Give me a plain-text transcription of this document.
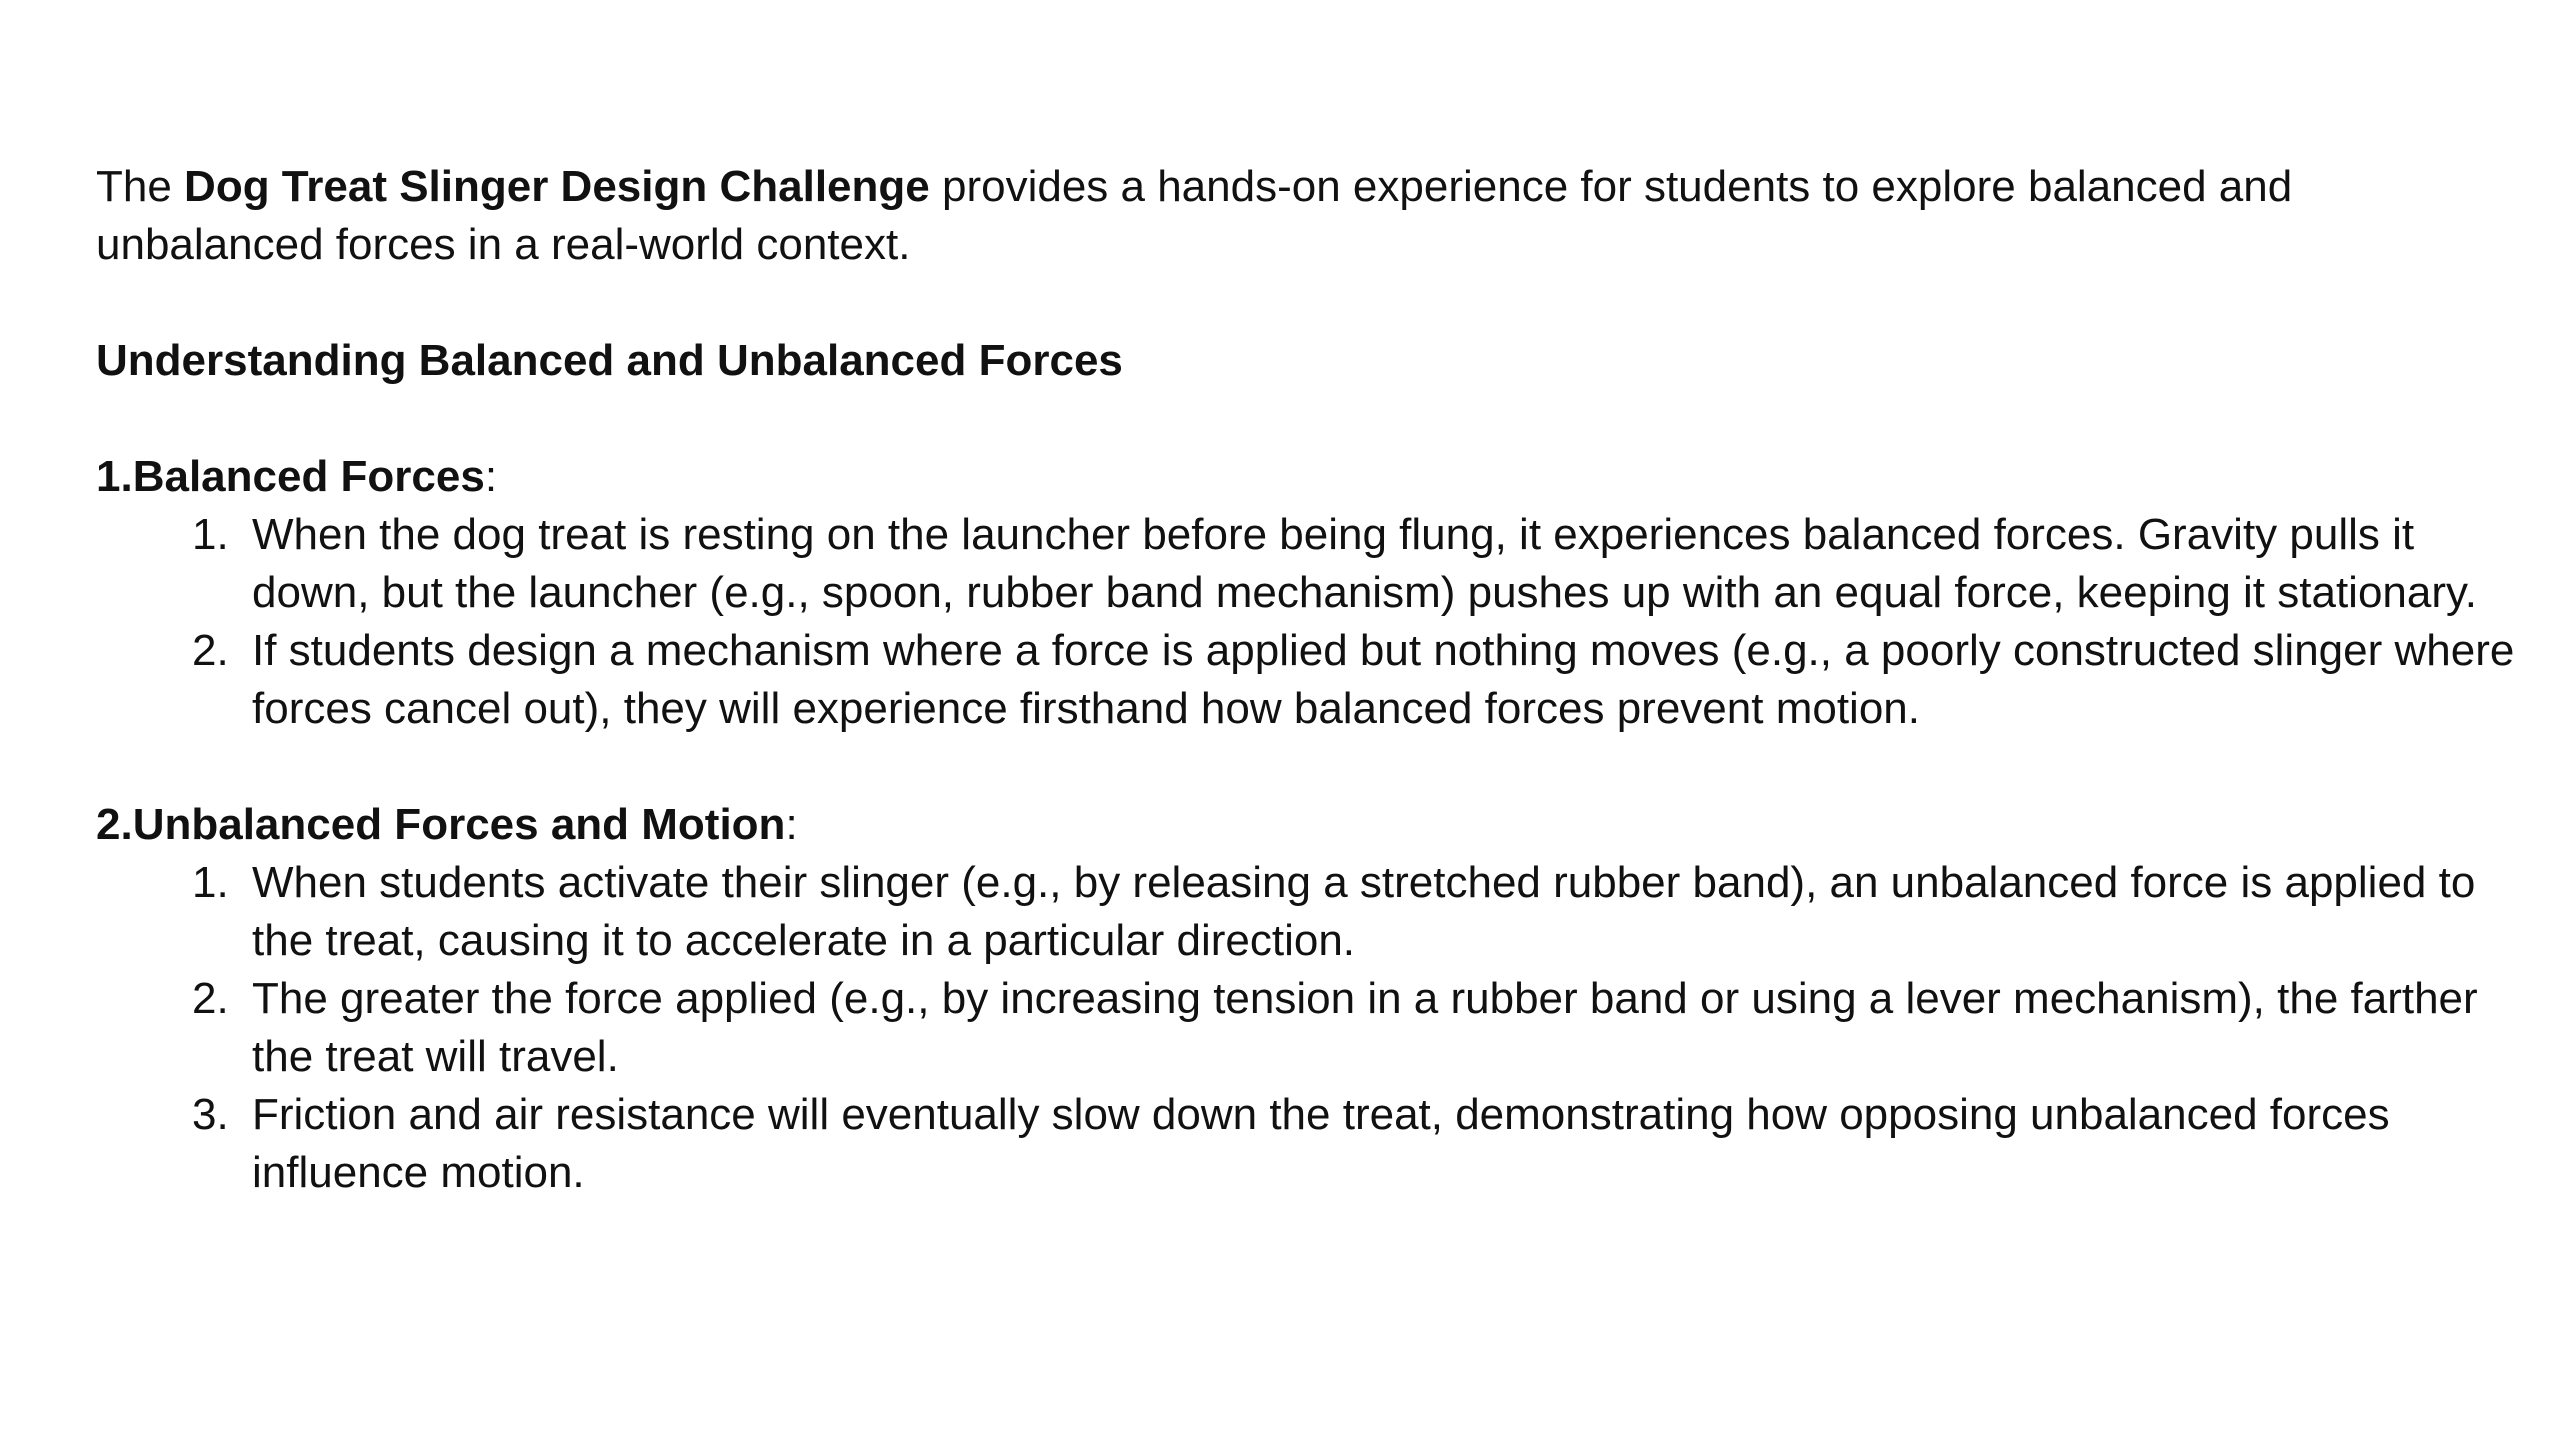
The Dog Treat Slinger Design Challenge provides a hands-on experience for students to explore balanced and unbalanced forces in a real-world context.

Understanding Balanced and Unbalanced Forces

1.Balanced Forces:

1. When the dog treat is resting on the launcher before being flung, it experiences balanced forces. Gravity pulls it down, but the launcher (e.g., spoon, rubber band mechanism) pushes up with an equal force, keeping it stationary.
2. If students design a mechanism where a force is applied but nothing moves (e.g., a poorly constructed slinger where forces cancel out), they will experience firsthand how balanced forces prevent motion.

2.Unbalanced Forces and Motion:

1. When students activate their slinger (e.g., by releasing a stretched rubber band), an unbalanced force is applied to the treat, causing it to accelerate in a particular direction.
2. The greater the force applied (e.g., by increasing tension in a rubber band or using a lever mechanism), the farther the treat will travel.
3. Friction and air resistance will eventually slow down the treat, demonstrating how opposing unbalanced forces influence motion.
